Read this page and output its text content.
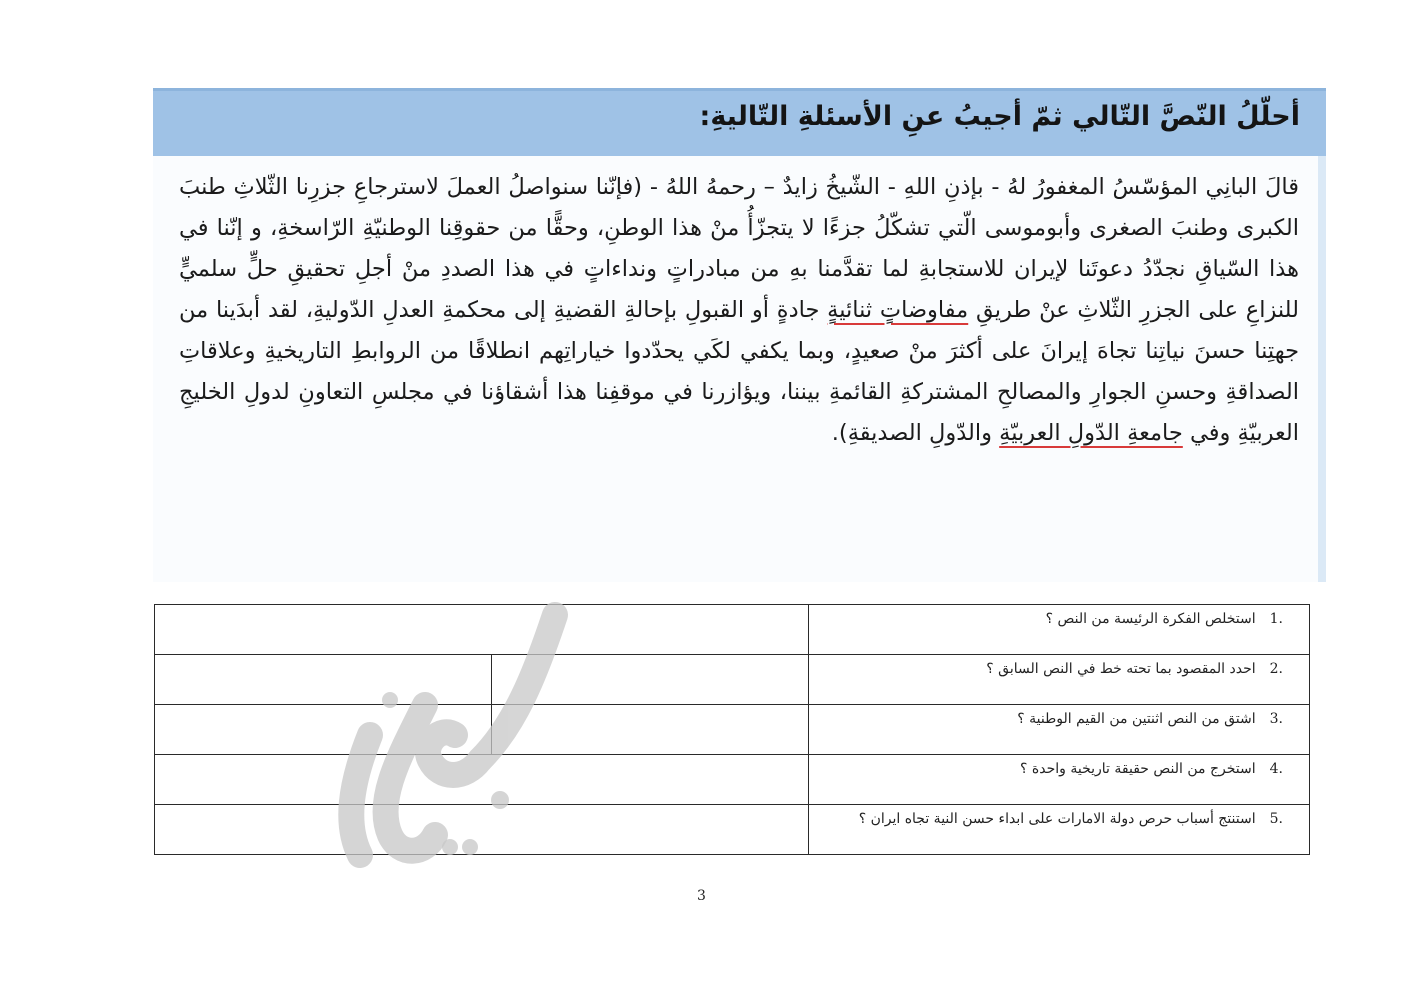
أحلّلُ النّصَّ التّالي ثمّ أجيبُ عنِ الأسئلةِ التّاليةِ:
قالَ البانِي المؤسّسُ المغفورُ لهُ - بإذنِ اللهِ - الشّيخُ زايدٌ – رحمهُ اللهُ - (فإنّنا سنواصلُ العملَ لاسترجاعِ جزرِنا الثّلاثِ طنبَ الكبرى وطنبَ الصغرى وأبوموسى الّتي تشكّلُ جزءًا لا يتجزّأُ منْ هذا الوطنِ، وحقًّا من حقوقِنا الوطنيّةِ الرّاسخةِ، و إنّنا في هذا السّياقِ نجدّدُ دعوتَنا لإيران للاستجابةِ لما تقدَّمنا بهِ من مبادراتٍ ونداءاتٍ في هذا الصددِ منْ أجلِ تحقيقِ حلٍّ سلميٍّ للنزاعِ على الجزرِ الثّلاثِ عنْ طريقِ مفاوضاتٍ ثنائيةٍ جادةٍ أو القبولِ بإحالةِ القضيةِ إلى محكمةِ العدلِ الدّوليةِ، لقد أبدَينا من جهتِنا حسنَ نياتِنا تجاهَ إيرانَ على أكثرَ منْ صعيدٍ، وبما يكفي لكَي يحدّدوا خياراتِهم انطلاقًا من الروابطِ التاريخيةِ وعلاقاتِ الصداقةِ وحسنِ الجوارِ والمصالحِ المشتركةِ القائمةِ بيننا، ويؤازرنا في موقفِنا هذا أشقاؤنا في مجلسِ التعاونِ لدولِ الخليجِ العربيّةِ وفي جامعةِ الدّولِ العربيّةِ والدّولِ الصديقةِ).
.1استخلص الفكرة الرئيسة من النص ؟		

.2احدد المقصود بما تحته خط في النص السابق ؟		

.3اشتق من النص اثنتين من القيم الوطنية ؟		

.4استخرج من النص حقيقة تاريخية واحدة ؟		

.5استنتج أسباب حرص دولة الامارات على ابداء حسن النية تجاه ايران ؟		

3
